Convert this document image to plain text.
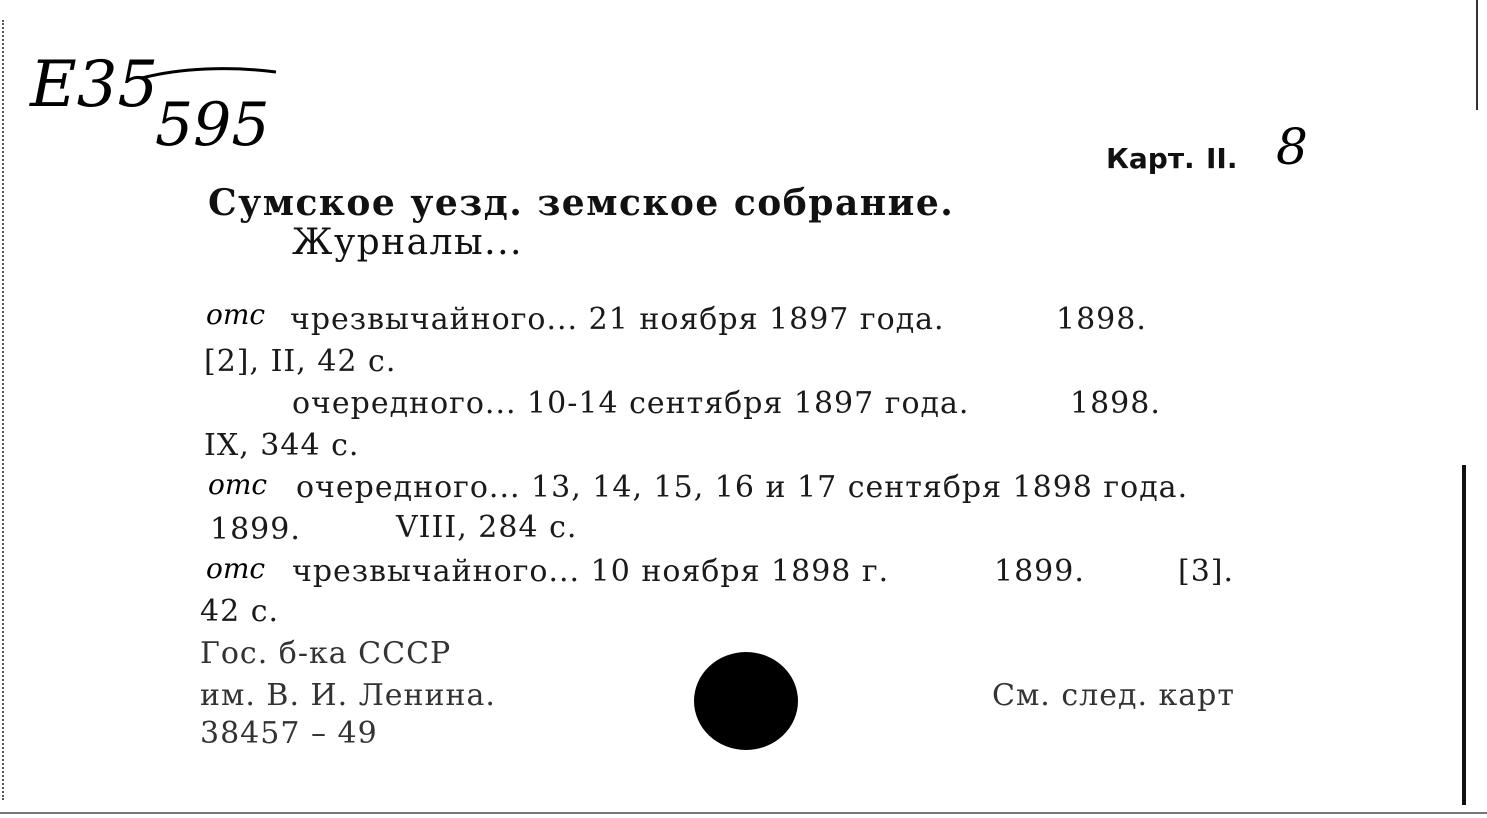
E35
595	Карт. II. 8
Сумское уезд. земское собрание.
Журналы...
отс чрезвычайного... 21 ноября 1897 года.	1898.
[2], II, 42 с.
очередного... 10-14 сентября 1897 года.	1898.
IX, 344 с.
отс очередного... 13, 14, 15, 16 и 17 сентября 1898 года.
1899.	VIII, 284 с.
отс чрезвычайного... 10 ноября 1898 г.	1899.	[3].
42 с.
Гос. б-ка СССР
им. В. И. Ленина.
38457 – 49
См. след. карт
